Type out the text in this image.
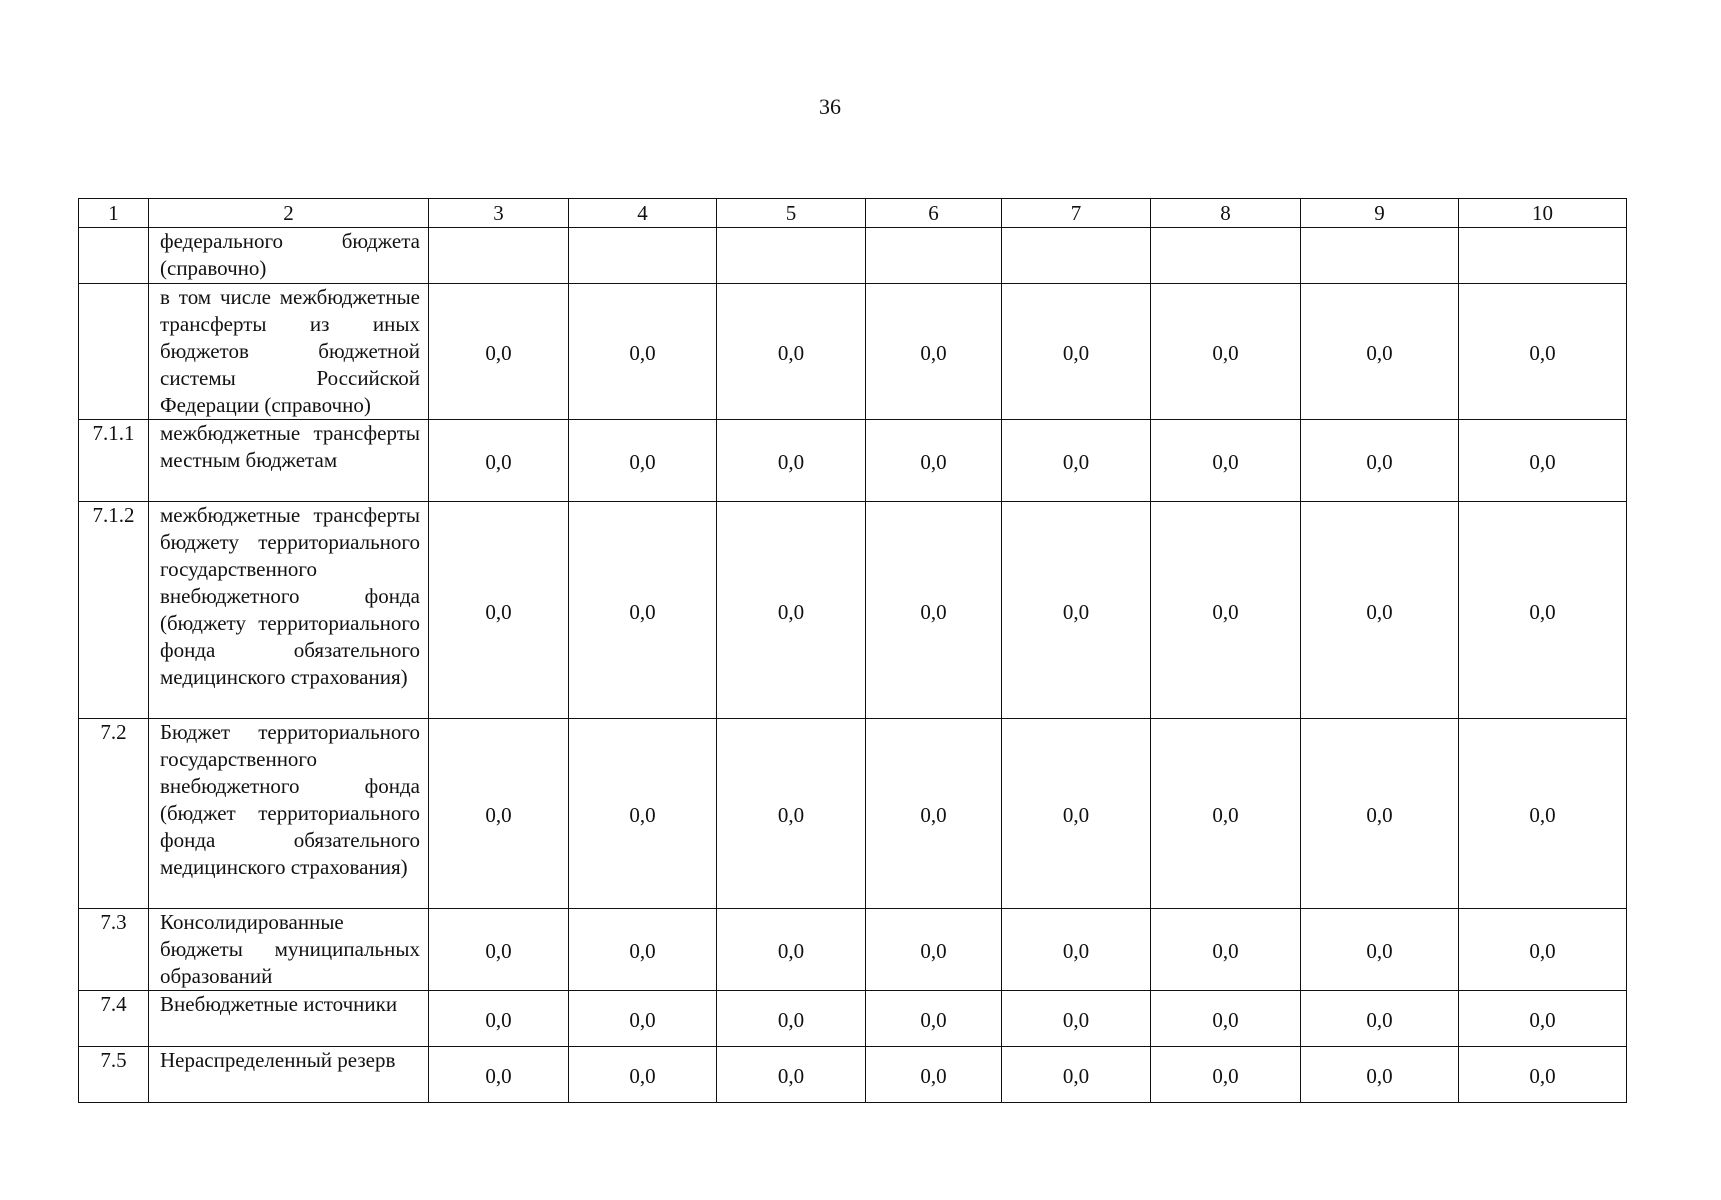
36
1	2	3	4	5	6	7	8	9	10
	федерального бюджета (справочно)								
	в том числе межбюджетные трансферты из иных бюджетов бюджетной системы Российской Федерации (справочно)	0,0	0,0	0,0	0,0	0,0	0,0	0,0	0,0
7.1.1	межбюджетные трансферты местным бюджетам	0,0	0,0	0,0	0,0	0,0	0,0	0,0	0,0
7.1.2	межбюджетные трансферты бюджету территориального государственного внебюджетного фонда (бюджету территориального фонда обязательного медицинского страхования)	0,0	0,0	0,0	0,0	0,0	0,0	0,0	0,0
7.2	Бюджет территориального государственного внебюджетного фонда (бюджет территориального фонда обязательного медицинского страхования)	0,0	0,0	0,0	0,0	0,0	0,0	0,0	0,0
7.3	Консолидированные бюджеты муниципальных образований	0,0	0,0	0,0	0,0	0,0	0,0	0,0	0,0
7.4	Внебюджетные источники	0,0	0,0	0,0	0,0	0,0	0,0	0,0	0,0
7.5	Нераспределенный резерв	0,0	0,0	0,0	0,0	0,0	0,0	0,0	0,0
